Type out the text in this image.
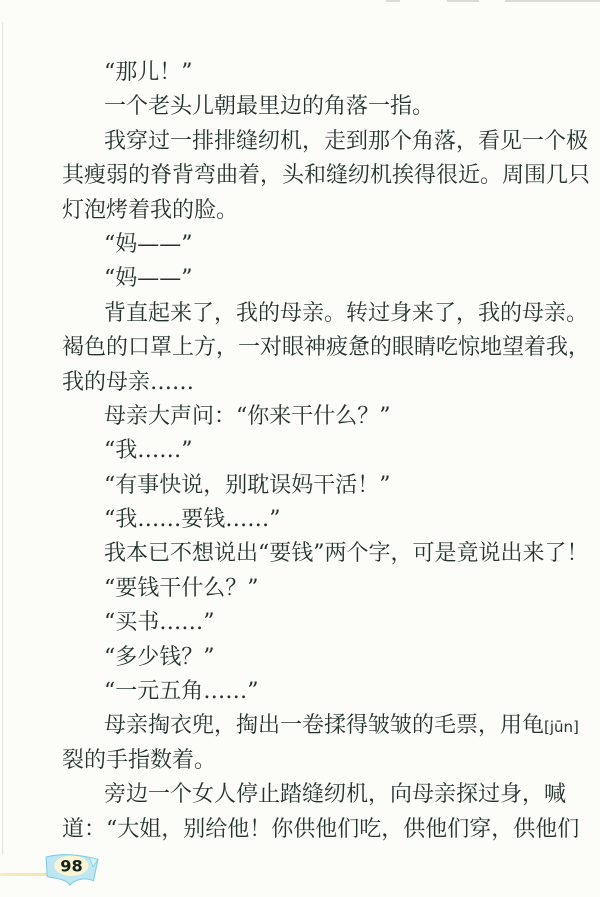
“那儿！”
一个老头儿朝最里边的角落一指。
我穿过一排排缝纫机，走到那个角落，看见一个极
其瘦弱的脊背弯曲着，头和缝纫机挨得很近。周围几只
灯泡烤着我的脸。
“妈——”
“妈——”
背直起来了，我的母亲。转过身来了，我的母亲。
褐色的口罩上方，一对眼神疲惫的眼睛吃惊地望着我，
我的母亲……
母亲大声问：“你来干什么？”
“我……”
“有事快说，别耽误妈干活！”
“我……要钱……”
我本已不想说出“要钱”两个字，可是竟说出来了！
“要钱干什么？”
“买书……”
“多少钱？”
“一元五角……”
母亲掏衣兜，掏出一卷揉得皱皱的毛票，用龟[jūn]
裂的手指数着。
旁边一个女人停止踏缝纫机，向母亲探过身，喊
道：“大姐，别给他！你供他们吃，供他们穿，供他们
98
